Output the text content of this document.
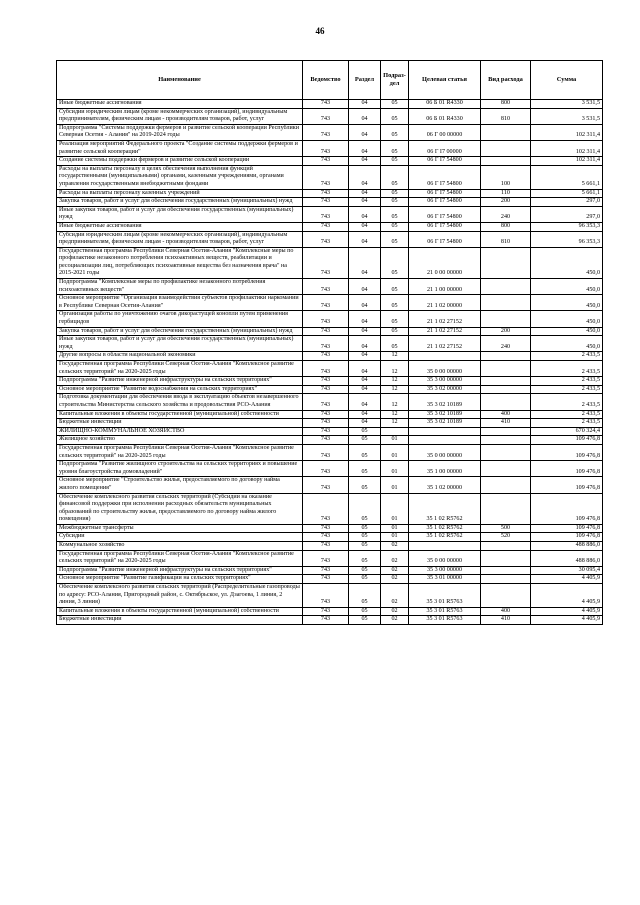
46
Наименование	Ведомство	Раздел	Подраз-дел	Целевая статья	Вид расхода	Сумма
Иные бюджетные ассигнования	743	04	05	06 Б 01 R4330	800	3 531,5
Субсидии юридическим лицам (кроме некоммерческих организаций), индивидуальным предпринимателям, физическим лицам - производителям товаров, работ, услуг	743	04	05	06 Б 01 R4330	810	3 531,5
Подпрограмма "Системы поддержки фермеров и развитие сельской кооперации Республики Северная Осетия - Алания" на 2019-2024 годы	743	04	05	06 Г 00 00000		102 311,4
Реализация мероприятий Федерального проекта "Создание системы поддержки фермеров и развитие сельской кооперации"	743	04	05	06 Г I7 00000		102 311,4
Создание системы поддержки фермеров и развитие сельской кооперации	743	04	05	06 Г I7 54800		102 311,4
Расходы на выплаты персоналу в целях обеспечения выполнения функций государственными (муниципальными) органами, казенными учреждениями, органами управления государственными внебюджетными фондами	743	04	05	06 Г I7 54800	100	5 661,1
Расходы на выплаты персоналу казенных учреждений	743	04	05	06 Г I7 54800	110	5 661,1
Закупка товаров, работ и услуг для обеспечения государственных (муниципальных) нужд	743	04	05	06 Г I7 54800	200	297,0
Иные закупки товаров, работ и услуг для обеспечения государственных (муниципальных) нужд	743	04	05	06 Г I7 54800	240	297,0
Иные бюджетные ассигнования	743	04	05	06 Г I7 54800	800	96 353,3
Субсидии юридическим лицам (кроме некоммерческих организаций), индивидуальным предпринимателям, физическим лицам - производителям товаров, работ, услуг	743	04	05	06 Г I7 54800	810	96 353,3
Государственная программа Республики Северная Осетия-Алания "Комплексные меры по профилактике незаконного потребления психоактивных веществ, реабилитации и ресоциализации лиц, потребляющих психоактивные вещества без назначения врача" на 2015-2021 годы	743	04	05	21 0 00 00000		450,0
Подпрограмма "Комплексные меры по профилактике незаконного потребления психоактивных веществ"	743	04	05	21 1 00 00000		450,0
Основное мероприятие "Организация взаимодействия субъектов профилактики наркомании в Республике Северная Осетия-Алания"	743	04	05	21 1 02 00000		450,0
Организация работы по уничтожению очагов дикорастущей конопли путем применения гербицидов	743	04	05	21 1 02 27152		450,0
Закупка товаров, работ и услуг для обеспечения государственных (муниципальных) нужд	743	04	05	21 1 02 27152	200	450,0
Иные закупки товаров, работ и услуг для обеспечения государственных (муниципальных) нужд	743	04	05	21 1 02 27152	240	450,0
Другие вопросы в области национальной экономики	743	04	12			2 433,5
Государственная программа Республики Северная Осетия-Алания "Комплексное развитие сельских территорий" на 2020-2025 годы	743	04	12	35 0 00 00000		2 433,5
Подпрограмма "Развитие инженерной инфраструктуры на сельских территориях"	743	04	12	35 3 00 00000		2 433,5
Основное мероприятие "Развитие водоснабжения на сельских территориях"	743	04	12	35 3 02 00000		2 433,5
Подготовка документации для обеспечения ввода в эксплуатацию объектов незавершенного строительства Министерства сельского хозяйства и продовольствия РСО-Алания	743	04	12	35 3 02 10189		2 433,5
Капитальные вложения в объекты государственной (муниципальной) собственности	743	04	12	35 3 02 10189	400	2 433,5
Бюджетные инвестиции	743	04	12	35 3 02 10189	410	2 433,5
ЖИЛИЩНО-КОММУНАЛЬНОЕ ХОЗЯЙСТВО	743	05				670 324,4
Жилищное хозяйство	743	05	01			109 476,8
Государственная программа Республики Северная Осетия-Алания "Комплексное развитие сельских территорий" на 2020-2025 годы	743	05	01	35 0 00 00000		109 476,8
Подпрограмма "Развитие жилищного строительства на сельских территориях и повышение уровня благоустройства домовладений"	743	05	01	35 1 00 00000		109 476,8
Основное мероприятие "Строительство жилья, предоставляемого по договору найма жилого помещения"	743	05	01	35 1 02 00000		109 476,8
Обеспечение комплексного развития сельских территорий (Субсидии на оказание финансовой поддержки при исполнении расходных обязательств муниципальных образований по строительству жилья, предоставляемого по договору найма жилого помещения)	743	05	01	35 1 02 R5762		109 476,8
Межбюджетные трансферты	743	05	01	35 1 02 R5762	500	109 476,8
Субсидии	743	05	01	35 1 02 R5762	520	109 476,8
Коммунальное хозяйство	743	05	02			488 886,0
Государственная программа Республики Северная Осетия-Алания "Комплексное развитие сельских территорий" на 2020-2025 годы	743	05	02	35 0 00 00000		488 886,0
Подпрограмма "Развитие инженерной инфраструктуры на сельских территориях"	743	05	02	35 3 00 00000		30 095,4
Основное мероприятие "Развитие газификации на сельских территориях"	743	05	02	35 3 01 00000		4 405,9
Обеспечение комплексного развития сельских территорий (Распределительные газопроводы по адресу: РСО-Алания, Пригородный район, с. Октябрьское, ул. Дзагоева, 1 линия, 2 линия, 3 линия)	743	05	02	35 3 01 R5763		4 405,9
Капитальные вложения в объекты государственной (муниципальной) собственности	743	05	02	35 3 01 R5763	400	4 405,9
Бюджетные инвестиции	743	05	02	35 3 01 R5763	410	4 405,9
